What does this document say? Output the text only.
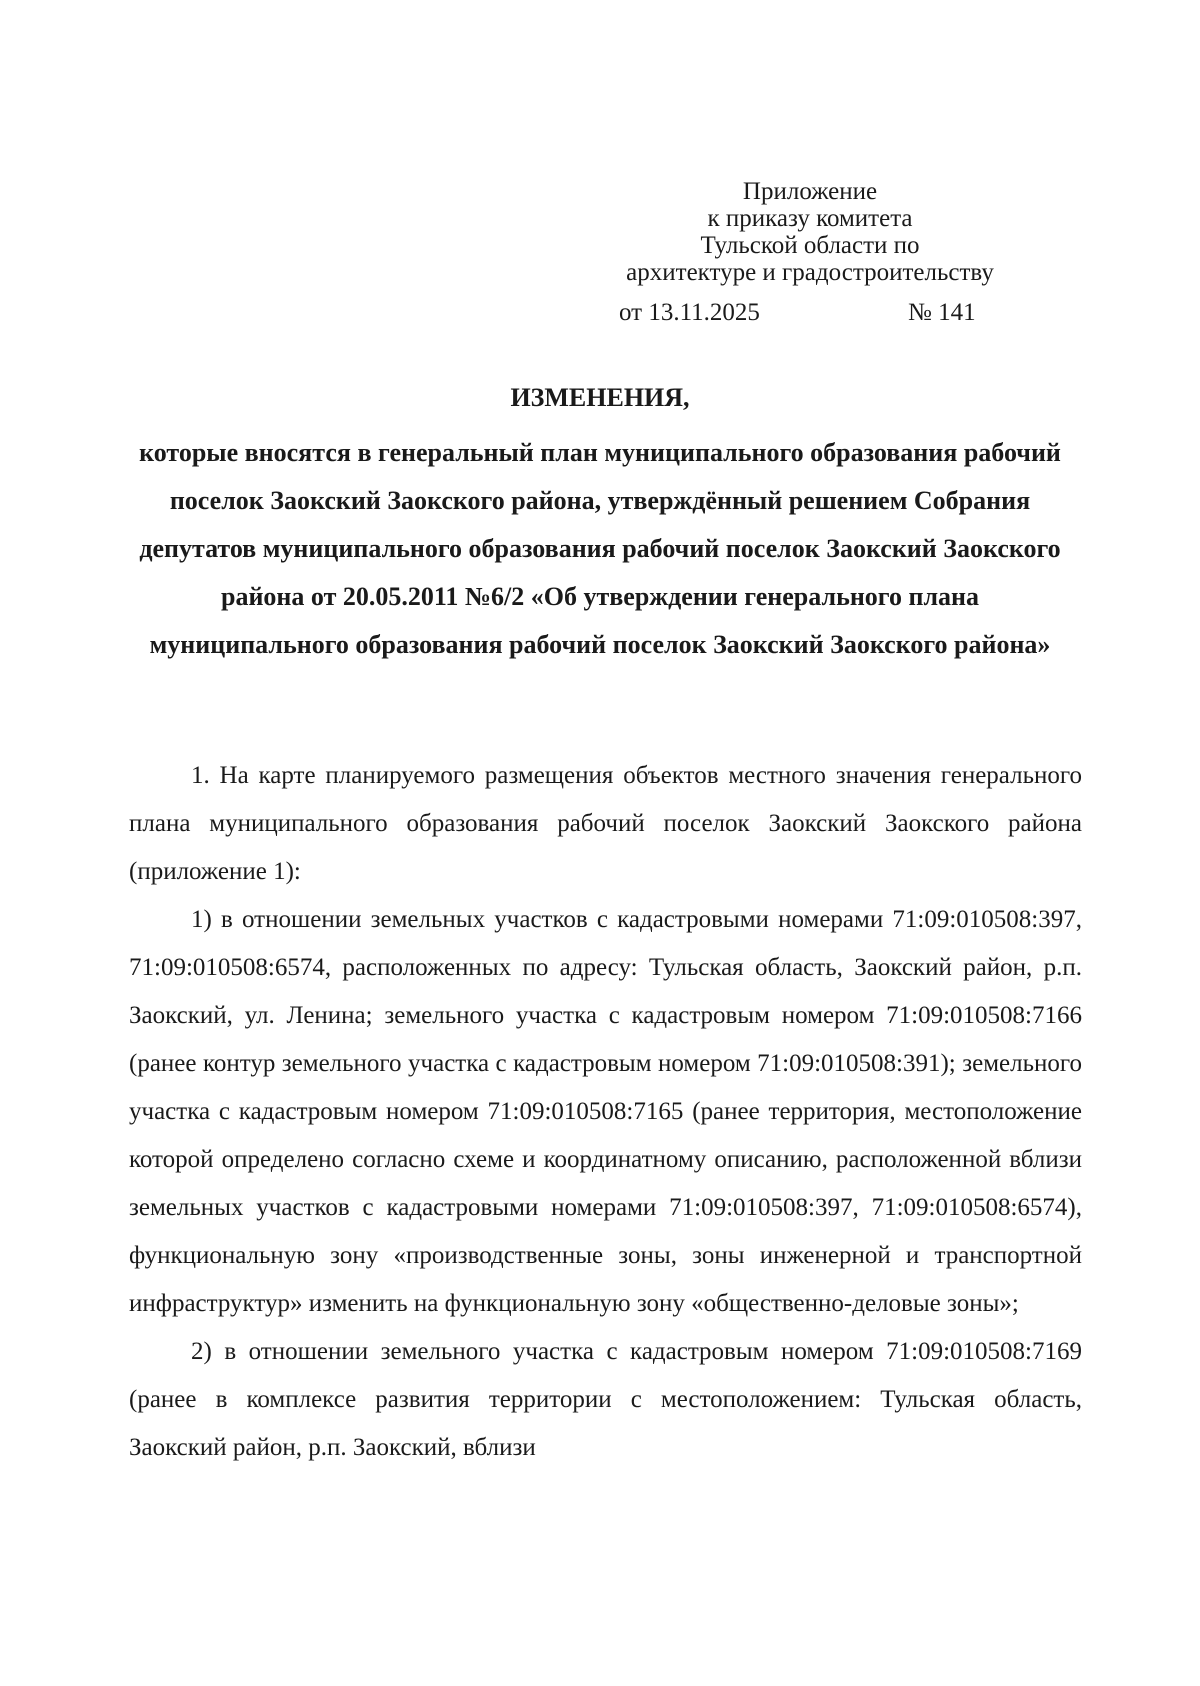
Приложение
к приказу комитета
Тульской области по
архитектуре и градостроительству
от 13.11.2025	№ 141
ИЗМЕНЕНИЯ,
которые вносятся в генеральный план муниципального образования рабочий поселок Заокский Заокского района, утверждённый решением Собрания депутатов муниципального образования рабочий поселок Заокский Заокского района от 20.05.2011 №6/2 «Об утверждении генерального плана муниципального образования рабочий поселок Заокский Заокского района»

1. На карте планируемого размещения объектов местного значения генерального плана муниципального образования рабочий поселок Заокский Заокского района (приложение 1):

1) в отношении земельных участков с кадастровыми номерами 71:09:010508:397, 71:09:010508:6574, расположенных по адресу: Тульская область, Заокский район, р.п. Заокский, ул. Ленина; земельного участка с кадастровым номером 71:09:010508:7166 (ранее контур земельного участка с кадастровым номером 71:09:010508:391); земельного участка с кадастровым номером 71:09:010508:7165 (ранее территория, местоположение которой определено согласно схеме и координатному описанию, расположенной вблизи земельных участков с кадастровыми номерами 71:09:010508:397, 71:09:010508:6574), функциональную зону «производственные зоны, зоны инженерной и транспортной инфраструктур» изменить на функциональную зону «общественно-деловые зоны»;

2) в отношении земельного участка с кадастровым номером 71:09:010508:7169 (ранее в комплексе развития территории с местоположением: Тульская область, Заокский район, р.п. Заокский, вблизи
